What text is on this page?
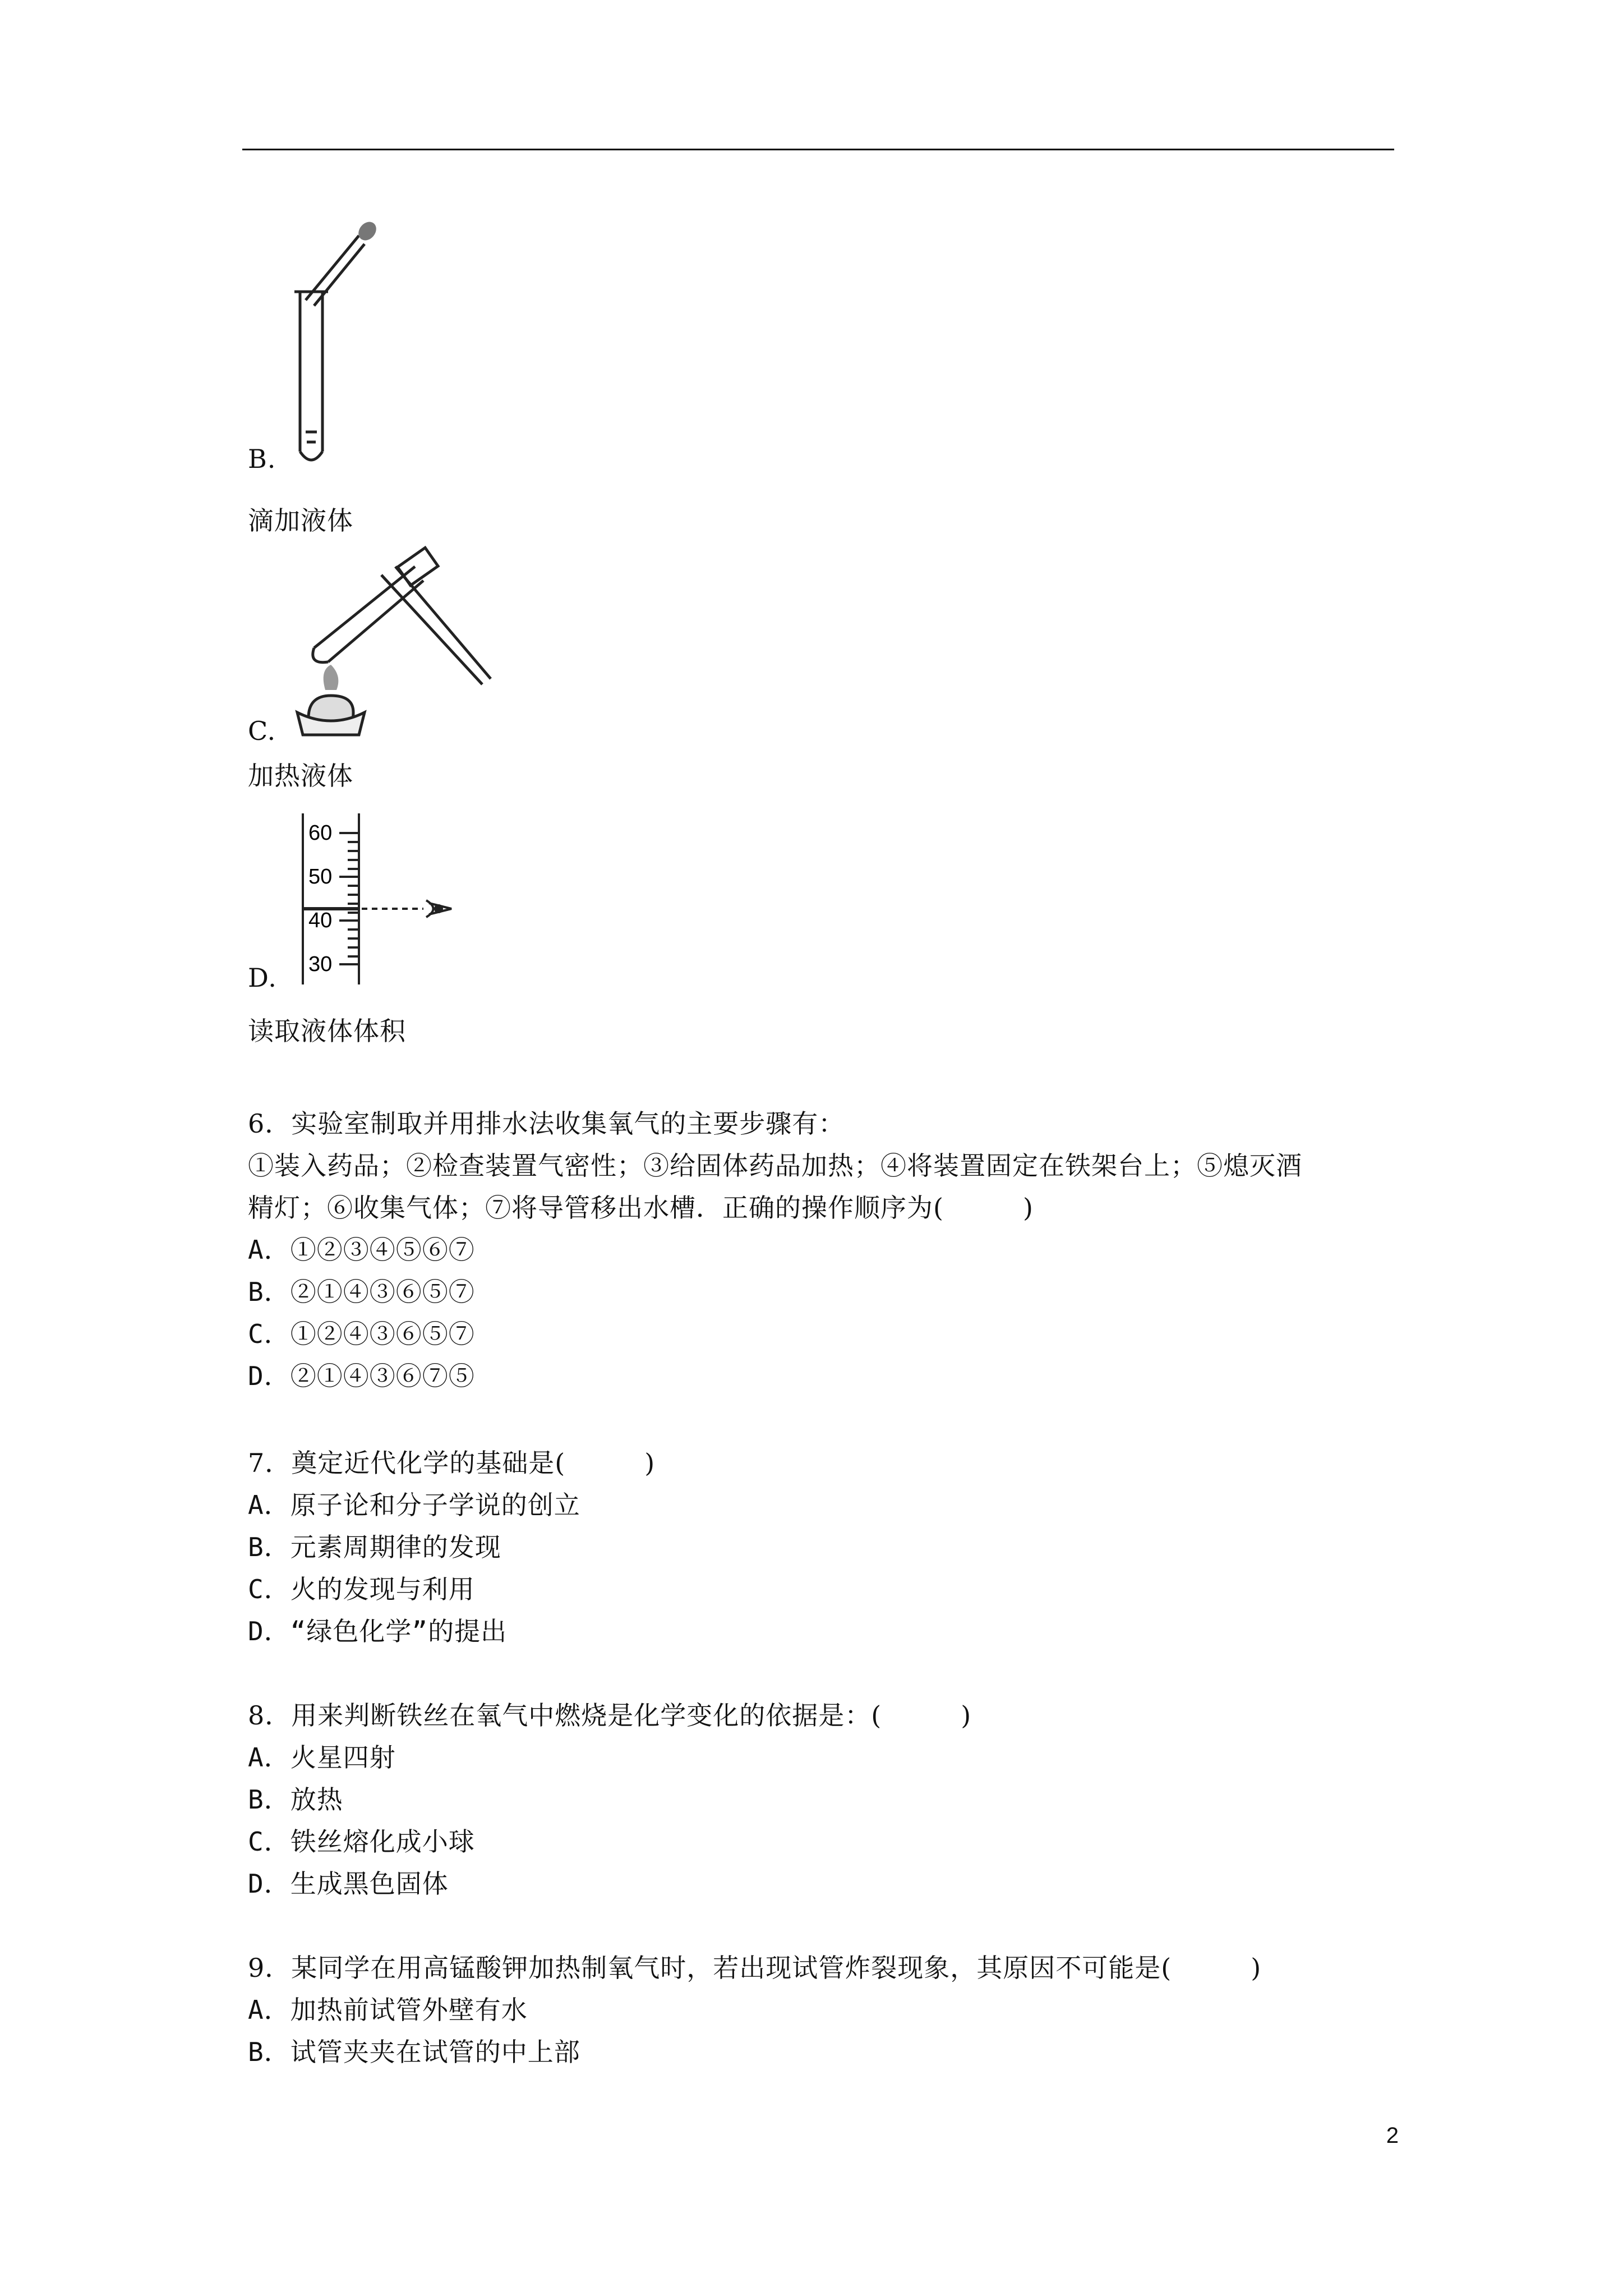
B.
滴加液体
C.
加热液体
60
50
40
30
D.
读取液体体积
6．实验室制取并用排水法收集氧气的主要步骤有：
①装入药品；②检查装置气密性；③给固体药品加热；④将装置固定在铁架台上；⑤熄灭酒
精灯；⑥收集气体；⑦将导管移出水槽．正确的操作顺序为(　　　)
A．①②③④⑤⑥⑦
B．②①④③⑥⑤⑦
C．①②④③⑥⑤⑦
D．②①④③⑥⑦⑤
7．奠定近代化学的基础是(　　　)
A．原子论和分子学说的创立
B．元素周期律的发现
C．火的发现与利用
D．“绿色化学”的提出
8．用来判断铁丝在氧气中燃烧是化学变化的依据是：(　　　)
A．火星四射
B．放热
C．铁丝熔化成小球
D．生成黑色固体
9．某同学在用高锰酸钾加热制氧气时，若出现试管炸裂现象，其原因不可能是(　　　)
A．加热前试管外壁有水
B．试管夹夹在试管的中上部
2
